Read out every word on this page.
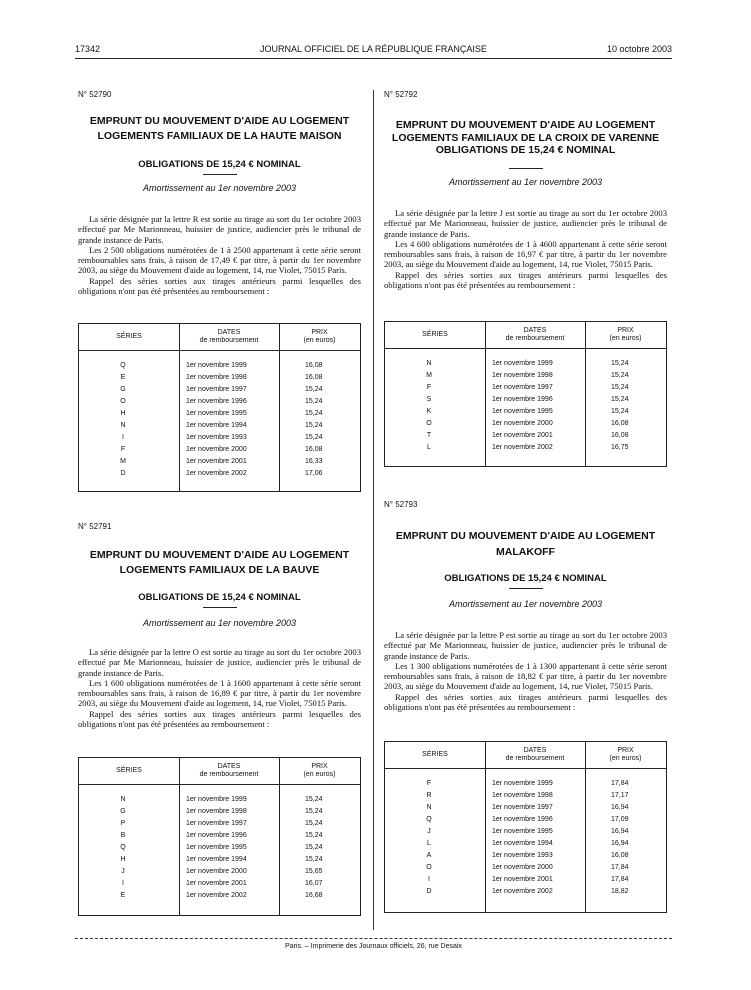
17342	JOURNAL OFFICIEL DE LA RÉPUBLIQUE FRANÇAISE	10 octobre 2003
N° 52790
EMPRUNT DU MOUVEMENT D'AIDE AU LOGEMENT
LOGEMENTS FAMILIAUX DE LA HAUTE MAISON
OBLIGATIONS DE 15,24 € NOMINAL
Amortissement au 1er novembre 2003

La série désignée par la lettre R est sortie au tirage au sort du 1er octobre 2003 effectué par Me Marionneau, huissier de justice, audiencier près le tribunal de grande instance de Paris.

Les 2 500 obligations numérotées de 1 à 2500 appartenant à cette série seront remboursables sans frais, à raison de 17,49 € par titre, à partir du 1er novembre 2003, au siège du Mouvement d'aide au logement, 14, rue Violet, 75015 Paris.

Rappel des séries sorties aux tirages antérieurs parmi lesquelles des obligations n'ont pas été présentées au remboursement :

SÉRIES
DATES
de remboursement
PRIX
(en euros)
Q	1er novembre 1999	16,08
E	1er novembre 1998	16,08
G	1er novembre 1997	15,24
O	1er novembre 1996	15,24
H	1er novembre 1995	15,24
N	1er novembre 1994	15,24
I	1er novembre 1993	15,24
F	1er novembre 2000	16,08
M	1er novembre 2001	16,33
D	1er novembre 2002	17,06
N° 52791
EMPRUNT DU MOUVEMENT D'AIDE AU LOGEMENT
LOGEMENTS FAMILIAUX DE LA BAUVE
OBLIGATIONS DE 15,24 € NOMINAL
Amortissement au 1er novembre 2003

La série désignée par la lettre O est sortie au tirage au sort du 1er octobre 2003 effectué par Me Marionneau, huissier de justice, audiencier près le tribunal de grande instance de Paris.

Les 1 600 obligations numérotées de 1 à 1600 appartenant à cette série seront remboursables sans frais, à raison de 16,89 € par titre, à partir du 1er novembre 2003, au siège du Mouvement d'aide au logement, 14, rue Violet, 75015 Paris.

Rappel des séries sorties aux tirages antérieurs parmi lesquelles des obligations n'ont pas été présentées au remboursement :

SÉRIES
DATES
de remboursement
PRIX
(en euros)
N	1er novembre 1999	15,24
G	1er novembre 1998	15,24
P	1er novembre 1997	15,24
B	1er novembre 1996	15,24
Q	1er novembre 1995	15,24
H	1er novembre 1994	15,24
J	1er novembre 2000	15,65
I	1er novembre 2001	16,07
E	1er novembre 2002	16,68
N° 52792
EMPRUNT DU MOUVEMENT D'AIDE AU LOGEMENT
LOGEMENTS FAMILIAUX DE LA CROIX DE VARENNE
OBLIGATIONS DE 15,24 € NOMINAL
Amortissement au 1er novembre 2003

La série désignée par la lettre J est sortie au tirage au sort du 1er octobre 2003 effectué par Me Marionneau, huissier de justice, audiencier près le tribunal de grande instance de Paris.

Les 4 600 obligations numérotées de 1 à 4600 appartenant à cette série seront remboursables sans frais, à raison de 16,97 € par titre, à partir du 1er novembre 2003, au siège du Mouvement d'aide au logement, 14, rue Violet, 75015 Paris.

Rappel des séries sorties aux tirages antérieurs parmi lesquelles des obligations n'ont pas été présentées au remboursement :

SÉRIES
DATES
de remboursement
PRIX
(en euros)
N	1er novembre 1999	15,24
M	1er novembre 1998	15,24
F	1er novembre 1997	15,24
S	1er novembre 1996	15,24
K	1er novembre 1995	15,24
O	1er novembre 2000	16,08
T	1er novembre 2001	16,08
L	1er novembre 2002	16,75
N° 52793
EMPRUNT DU MOUVEMENT D'AIDE AU LOGEMENT
MALAKOFF
OBLIGATIONS DE 15,24 € NOMINAL
Amortissement au 1er novembre 2003

La série désignée par la lettre P est sortie au tirage au sort du 1er octobre 2003 effectué par Me Marionneau, huissier de justice, audiencier près le tribunal de grande instance de Paris.

Les 1 300 obligations numérotées de 1 à 1300 appartenant à cette série seront remboursables sans frais, à raison de 18,82 € par titre, à partir du 1er novembre 2003, au siège du Mouvement d'aide au logement, 14, rue Violet, 75015 Paris.

Rappel des séries sorties aux tirages antérieurs parmi lesquelles des obligations n'ont pas été présentées au remboursement :

SÉRIES
DATES
de remboursement
PRIX
(en euros)
F	1er novembre 1999	17,84
R	1er novembre 1998	17,17
N	1er novembre 1997	16,94
Q	1er novembre 1996	17,09
J	1er novembre 1995	16,94
L	1er novembre 1994	16,94
A	1er novembre 1993	16,08
O	1er novembre 2000	17,84
I	1er novembre 2001	17,84
D	1er novembre 2002	18,82
Paris. – Imprimerie des Journaux officiels, 26, rue Desaix
